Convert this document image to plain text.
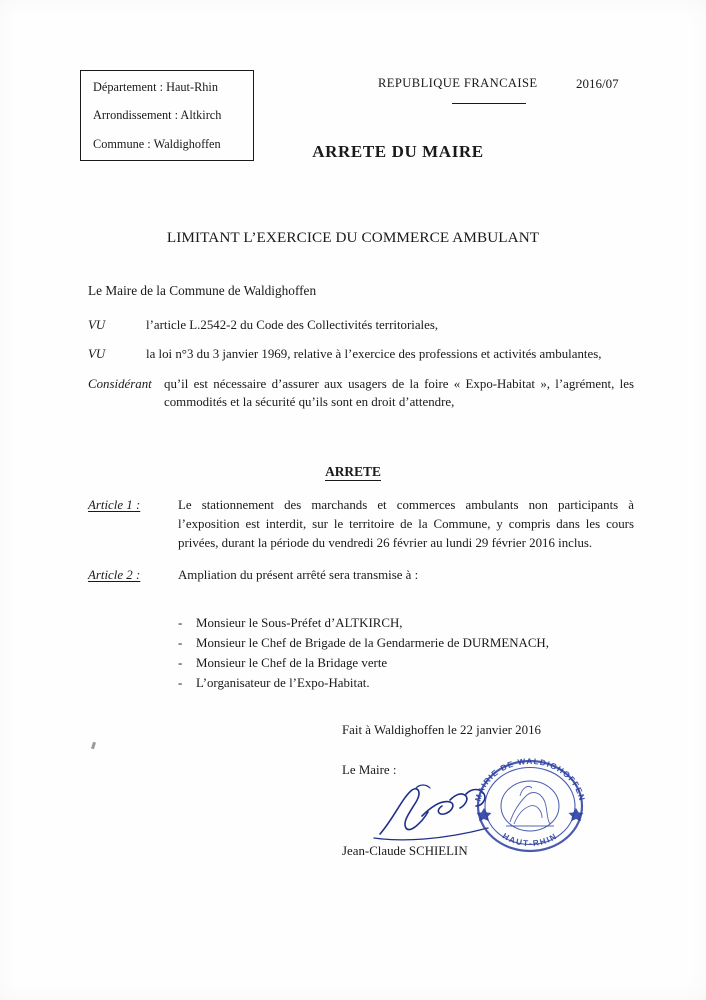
Département : Haut-Rhin
Arrondissement : Altkirch
Commune : Waldighoffen
REPUBLIQUE FRANCAISE	2016/07
ARRETE DU MAIRE
LIMITANT L’EXERCICE DU COMMERCE AMBULANT
Le Maire de la Commune de Waldighoffen
VU	l’article L.2542-2 du Code des Collectivités territoriales,
VU	la loi n°3 du 3 janvier 1969, relative à l’exercice des professions et activités ambulantes,
Considérant qu’il est nécessaire d’assurer aux usagers de la foire « Expo-Habitat », l’agrément, les commodités et la sécurité qu’ils sont en droit d’attendre,
ARRETE
Article 1 :	Le stationnement des marchands et commerces ambulants non participants à l’exposition est interdit, sur le territoire de la Commune, y compris dans les cours privées, durant la période du vendredi 26 février au lundi 29 février 2016 inclus.
Article 2 :	Ampliation du présent arrêté sera transmise à :
- Monsieur le Sous-Préfet d’ALTKIRCH,
- Monsieur le Chef de Brigade de la Gendarmerie de DURMENACH,
- Monsieur le Chef de la Bridage verte
- L’organisateur de l’Expo-Habitat.
Fait à Waldighoffen le 22 janvier 2016
Le Maire :
Jean-Claude SCHIELIN
MAIRIE DE WALDIGHOFFEN
HAUT-RHIN
